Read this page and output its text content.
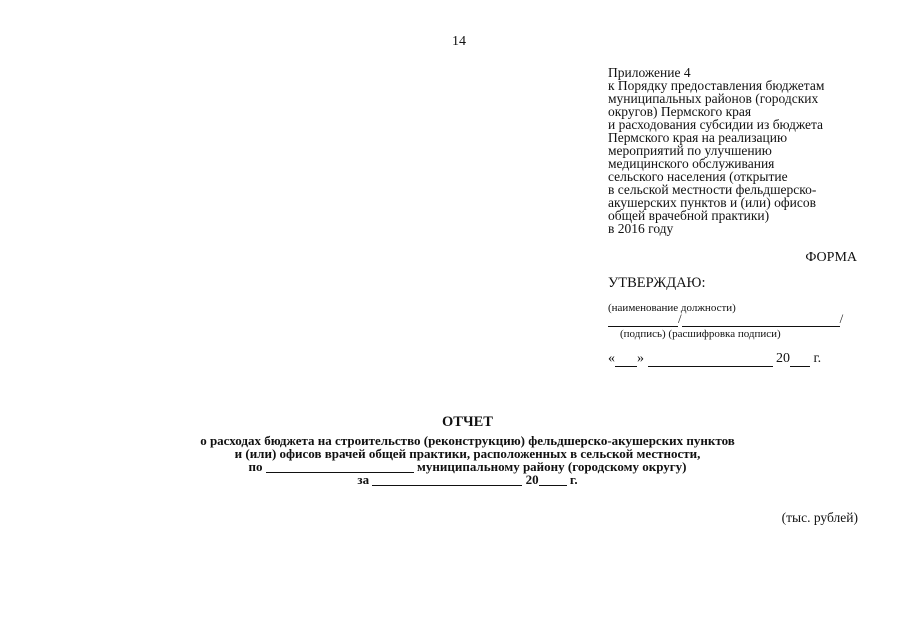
14
Приложение 4
к Порядку предоставления бюджетам
муниципальных районов (городских
округов) Пермского края
и расходования субсидии из бюджета
Пермского края на реализацию
мероприятий по улучшению
медицинского обслуживания
сельского населения (открытие
в сельской местности фельдшерско-
акушерских пунктов и (или) офисов
общей врачебной практики)
в 2016 году
ФОРМА
УТВЕРЖДАЮ:
(наименование должности)
/	/
(подпись) (расшифровка подписи)
« »	20 г.
ОТЧЕТ
о расходах бюджета на строительство (реконструкцию) фельдшерско-акушерских пунктов
и (или) офисов врачей общей практики, расположенных в сельской местности,
по	муниципальному району (городскому округу)
за	20 г.
(тыс. рублей)
